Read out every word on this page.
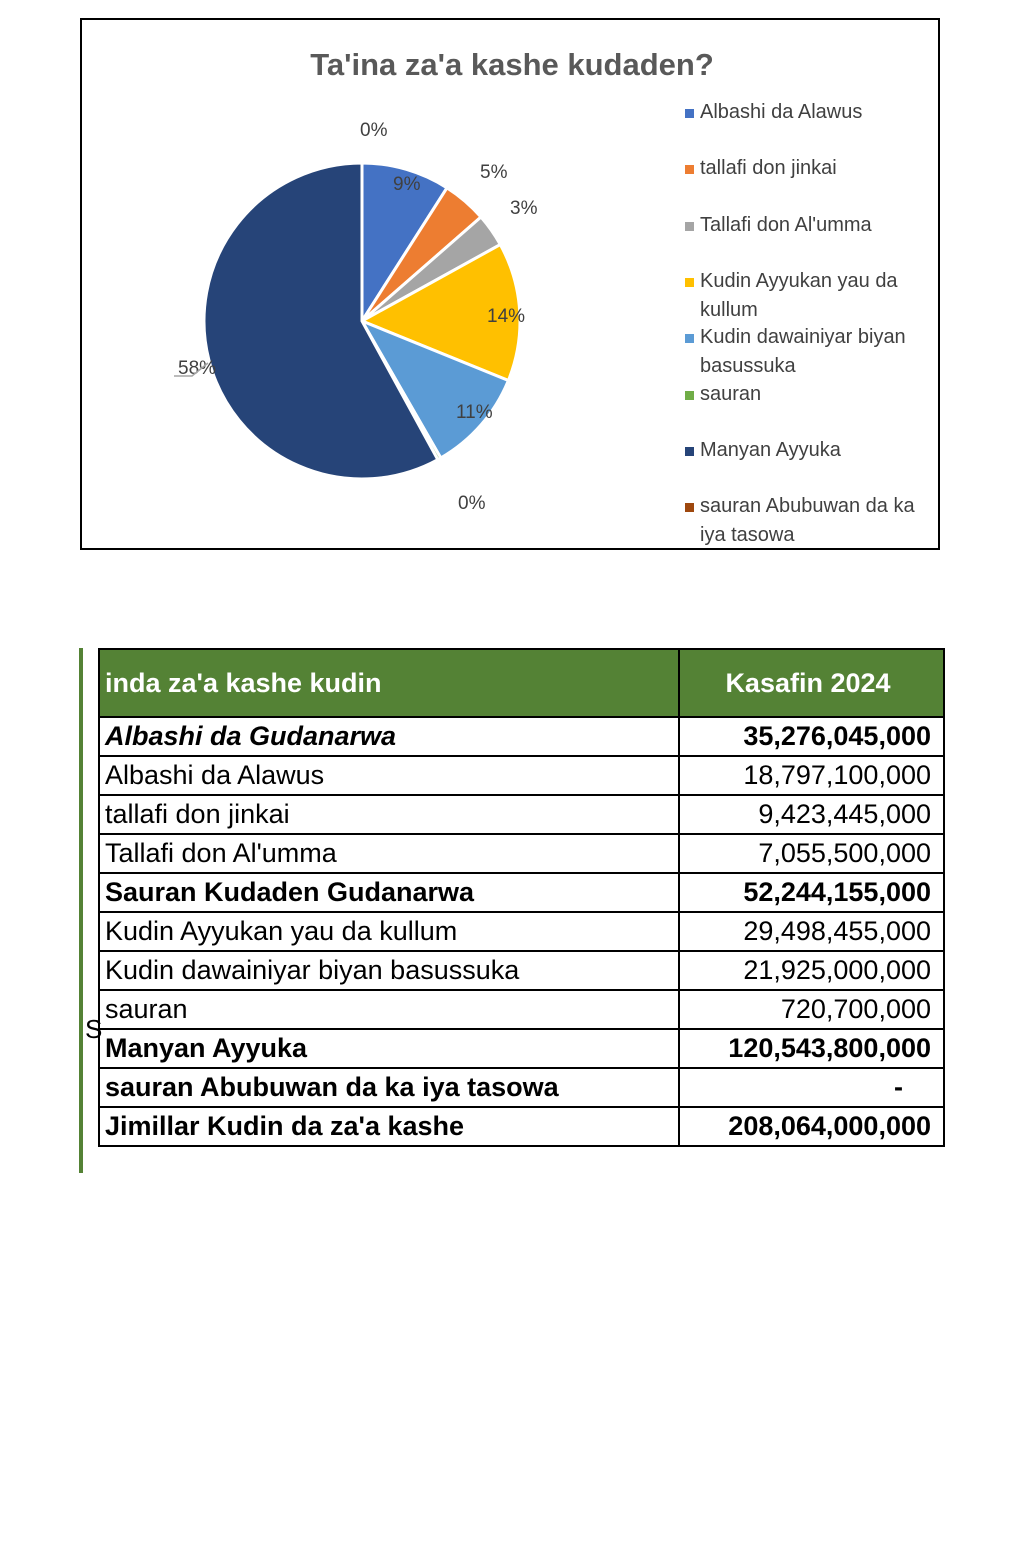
Ta'ina za'a kashe kudaden?
9%
5%
3%
14%
11%
0%
58%
0%
Albashi da Alawus
tallafi don jinkai
Tallafi don Al'umma
Kudin Ayyukan yau da kullum
Kudin dawainiyar biyan basussuka
sauran
Manyan Ayyuka
sauran Abubuwan da ka iya tasowa
S
inda za'a kashe kudin	Kasafin 2024
Albashi da Gudanarwa	35,276,045,000
Albashi da Alawus	18,797,100,000
tallafi don jinkai	9,423,445,000
Tallafi don Al'umma	7,055,500,000
Sauran Kudaden Gudanarwa	52,244,155,000
Kudin Ayyukan yau da kullum	29,498,455,000
Kudin dawainiyar biyan basussuka	21,925,000,000
sauran	720,700,000
Manyan Ayyuka	120,543,800,000
sauran Abubuwan da ka iya tasowa	-
Jimillar Kudin da za'a kashe	208,064,000,000
